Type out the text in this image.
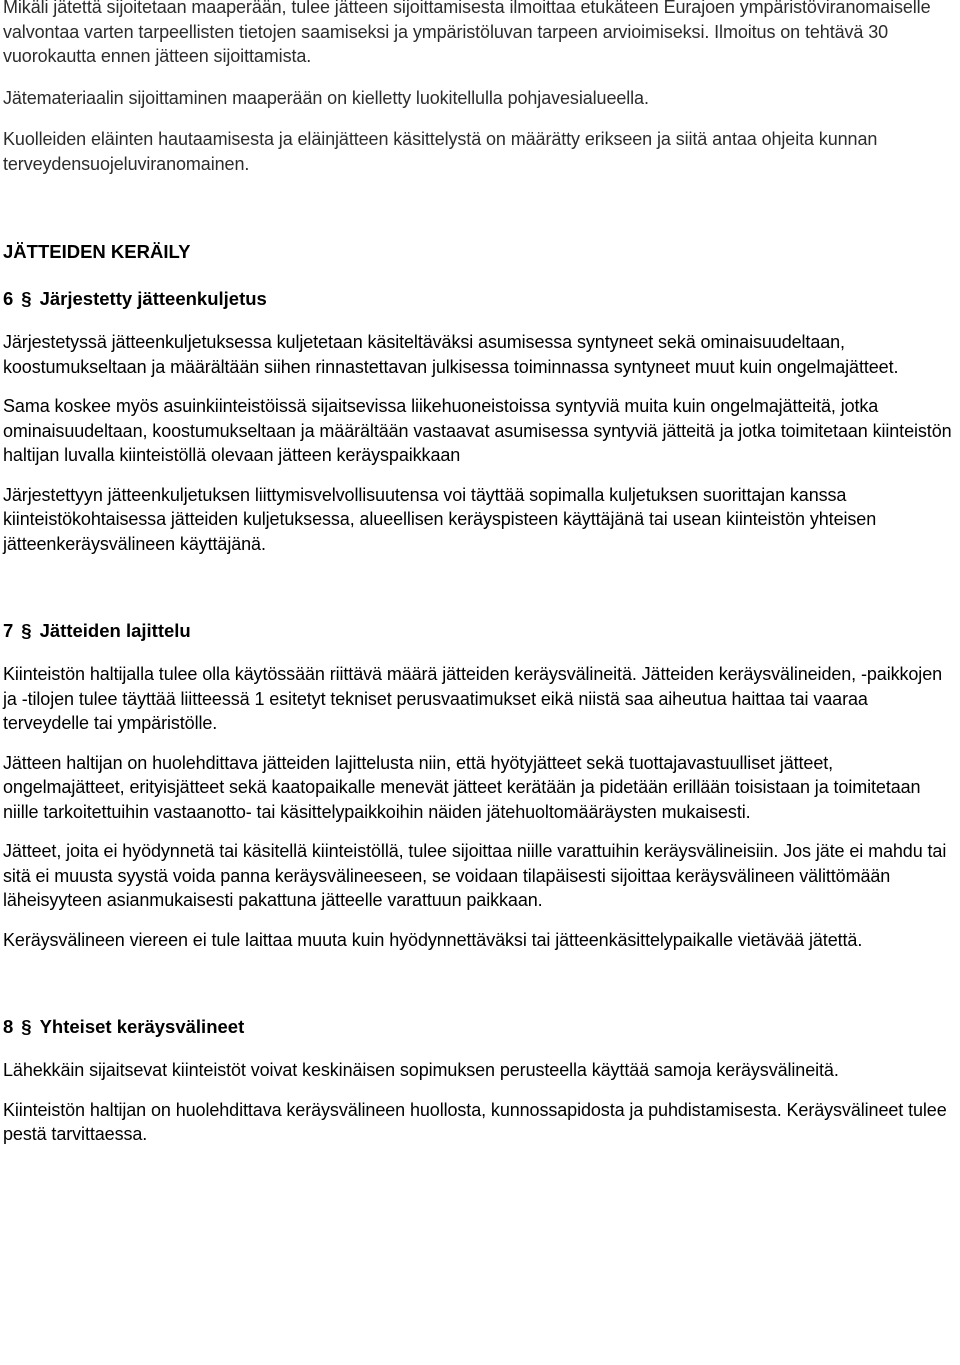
Mikäli jätettä sijoitetaan maaperään, tulee jätteen sijoittamisesta ilmoittaa etukäteen Eurajoen ympäristöviranomaiselle valvontaa varten tarpeellisten tietojen saamiseksi ja ympäristöluvan tarpeen arvioimiseksi. Ilmoitus on tehtävä 30 vuorokautta ennen jätteen sijoittamista.

Jätemateriaalin sijoittaminen maaperään on kielletty luokitellulla pohjavesialueella.

Kuolleiden eläinten hautaamisesta ja eläinjätteen käsittelystä on määrätty erikseen ja siitä antaa ohjeita kunnan terveydensuojeluviranomainen.

JÄTTEIDEN KERÄILY
6 § Järjestetty jätteenkuljetus

Järjestetyssä jätteenkuljetuksessa kuljetetaan käsiteltäväksi asumisessa syntyneet sekä ominaisuudeltaan, koostumukseltaan ja määrältään siihen rinnastettavan julkisessa toiminnassa syntyneet muut kuin ongelmajätteet.

Sama koskee myös asuinkiinteistöissä sijaitsevissa liikehuoneistoissa syntyviä muita kuin ongelmajätteitä, jotka ominaisuudeltaan, koostumukseltaan ja määrältään vastaavat asumisessa syntyviä jätteitä ja jotka toimitetaan kiinteistön haltijan luvalla kiinteistöllä olevaan jätteen keräyspaikkaan

Järjestettyyn jätteenkuljetuksen liittymisvelvollisuutensa voi täyttää sopimalla kuljetuksen suorittajan kanssa kiinteistökohtaisessa jätteiden kuljetuksessa, alueellisen keräyspisteen käyttäjänä tai usean kiinteistön yhteisen jätteenkeräysvälineen käyttäjänä.

7 § Jätteiden lajittelu

Kiinteistön haltijalla tulee olla käytössään riittävä määrä jätteiden keräysvälineitä. Jätteiden keräysvälineiden, -paikkojen ja -tilojen tulee täyttää liitteessä 1 esitetyt tekniset perusvaatimukset eikä niistä saa aiheutua haittaa tai vaaraa terveydelle tai ympäristölle.

Jätteen haltijan on huolehdittava jätteiden lajittelusta niin, että hyötyjätteet sekä tuottajavastuulliset jätteet, ongelmajätteet, erityisjätteet sekä kaatopaikalle menevät jätteet kerätään ja pidetään erillään toisistaan ja toimitetaan niille tarkoitettuihin vastaanotto- tai käsittelypaikkoihin näiden jätehuoltomääräysten mukaisesti.

Jätteet, joita ei hyödynnetä tai käsitellä kiinteistöllä, tulee sijoittaa niille varattuihin keräysvälineisiin. Jos jäte ei mahdu tai sitä ei muusta syystä voida panna keräysvälineeseen, se voidaan tilapäisesti sijoittaa keräysvälineen välittömään läheisyyteen asianmukaisesti pakattuna jätteelle varattuun paikkaan.

Keräysvälineen viereen ei tule laittaa muuta kuin hyödynnettäväksi tai jätteenkäsittelypaikalle vietävää jätettä.

8 § Yhteiset keräysvälineet

Lähekkäin sijaitsevat kiinteistöt voivat keskinäisen sopimuksen perusteella käyttää samoja keräysvälineitä.

Kiinteistön haltijan on huolehdittava keräysvälineen huollosta, kunnossapidosta ja puhdistamisesta. Keräysvälineet tulee pestä tarvittaessa.
